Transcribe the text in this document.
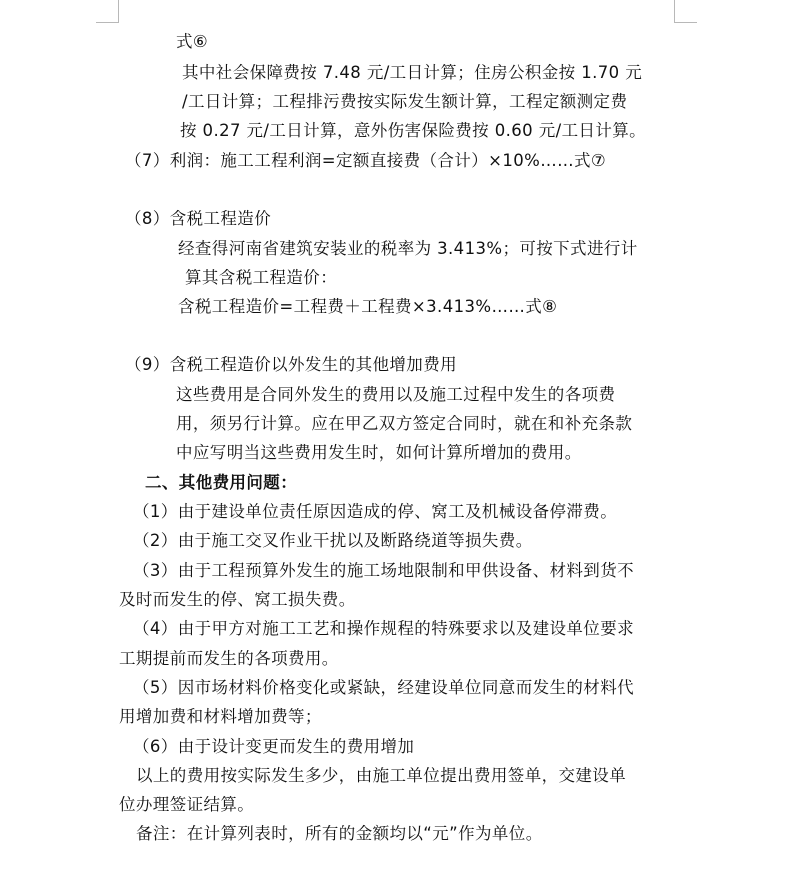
式⑥
其中社会保障费按 7.48 元/工日计算；住房公积金按 1.70 元
/工日计算；工程排污费按实际发生额计算，工程定额测定费
按 0.27 元/工日计算，意外伤害保险费按 0.60 元/工日计算。
（7）利润：施工工程利润=定额直接费（合计）×10%……式⑦
（8）含税工程造价
经查得河南省建筑安装业的税率为 3.413%；可按下式进行计
算其含税工程造价：
含税工程造价=工程费＋工程费×3.413%……式⑧
（9）含税工程造价以外发生的其他增加费用
这些费用是合同外发生的费用以及施工过程中发生的各项费
用，须另行计算。应在甲乙双方签定合同时，就在和补充条款
中应写明当这些费用发生时，如何计算所增加的费用。
二、其他费用问题：
（1）由于建设单位责任原因造成的停、窝工及机械设备停滞费。
（2）由于施工交叉作业干扰以及断路绕道等损失费。
（3）由于工程预算外发生的施工场地限制和甲供设备、材料到货不
及时而发生的停、窝工损失费。
（4）由于甲方对施工工艺和操作规程的特殊要求以及建设单位要求
工期提前而发生的各项费用。
（5）因市场材料价格变化或紧缺，经建设单位同意而发生的材料代
用增加费和材料增加费等；
（6）由于设计变更而发生的费用增加
以上的费用按实际发生多少，由施工单位提出费用签单，交建设单
位办理签证结算。
备注：在计算列表时，所有的金额均以“元”作为单位。
